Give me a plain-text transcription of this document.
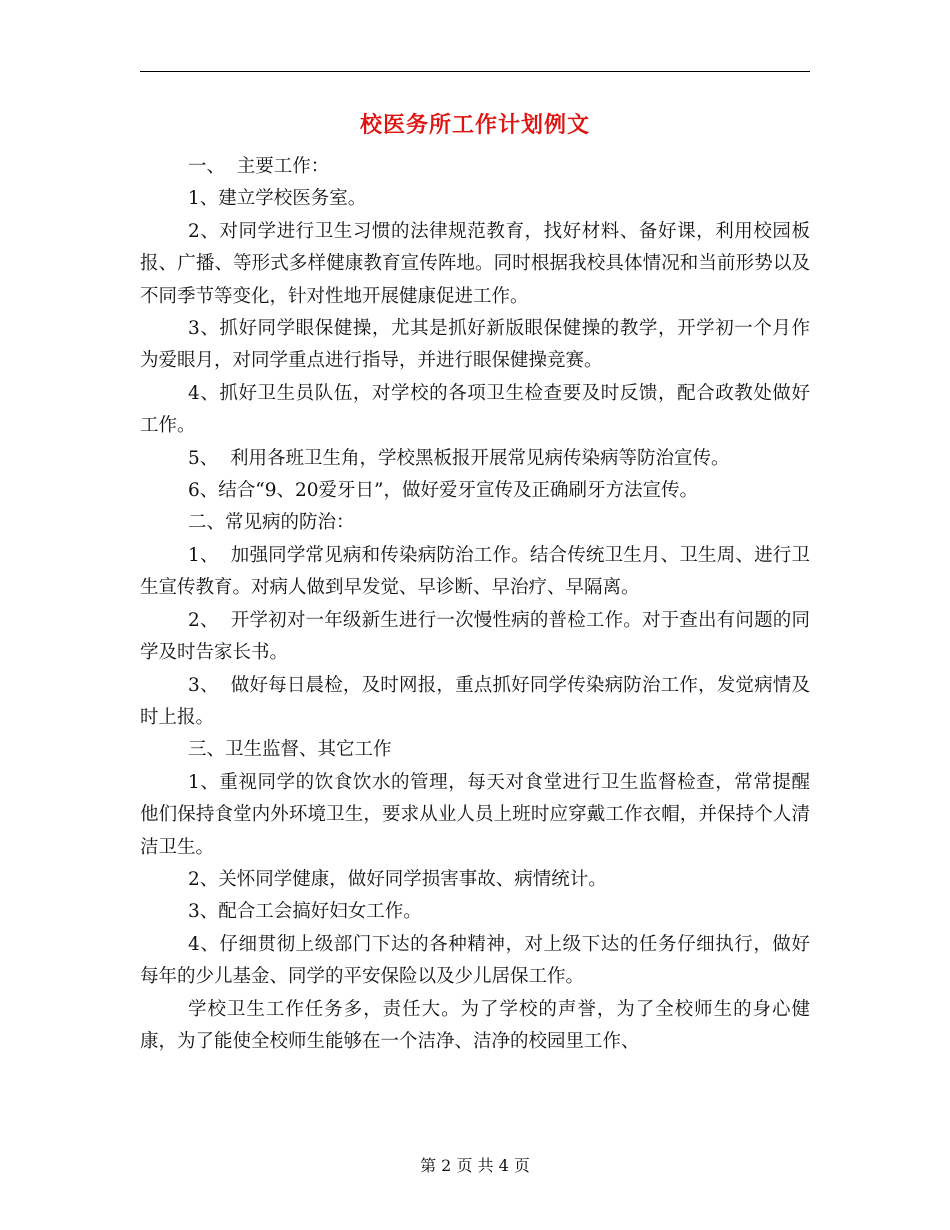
校医务所工作计划例文

一、  主要工作：

1、建立学校医务室。

2、对同学进行卫生习惯的法律规范教育，找好材料、备好课，利用校园板报、广播、等形式多样健康教育宣传阵地。同时根据我校具体情况和当前形势以及不同季节等变化，针对性地开展健康促进工作。

3、抓好同学眼保健操，尤其是抓好新版眼保健操的教学，开学初一个月作为爱眼月，对同学重点进行指导，并进行眼保健操竞赛。

4、抓好卫生员队伍，对学校的各项卫生检查要及时反馈，配合政教处做好工作。

5、  利用各班卫生角，学校黑板报开展常见病传染病等防治宣传。

6、结合“9、20爱牙日”，做好爱牙宣传及正确刷牙方法宣传。

二、常见病的防治：

1、  加强同学常见病和传染病防治工作。结合传统卫生月、卫生周、进行卫生宣传教育。对病人做到早发觉、早诊断、早治疗、早隔离。

2、  开学初对一年级新生进行一次慢性病的普检工作。对于查出有问题的同学及时告家长书。

3、  做好每日晨检，及时网报，重点抓好同学传染病防治工作，发觉病情及时上报。

三、卫生监督、其它工作

1、重视同学的饮食饮水的管理，每天对食堂进行卫生监督检查，常常提醒他们保持食堂内外环境卫生，要求从业人员上班时应穿戴工作衣帽，并保持个人清洁卫生。

2、关怀同学健康，做好同学损害事故、病情统计。

3、配合工会搞好妇女工作。

4、仔细贯彻上级部门下达的各种精神，对上级下达的任务仔细执行，做好每年的少儿基金、同学的平安保险以及少儿居保工作。

学校卫生工作任务多，责任大。为了学校的声誉，为了全校师生的身心健康，为了能使全校师生能够在一个洁净、洁净的校园里工作、

第 2 页 共 4 页
